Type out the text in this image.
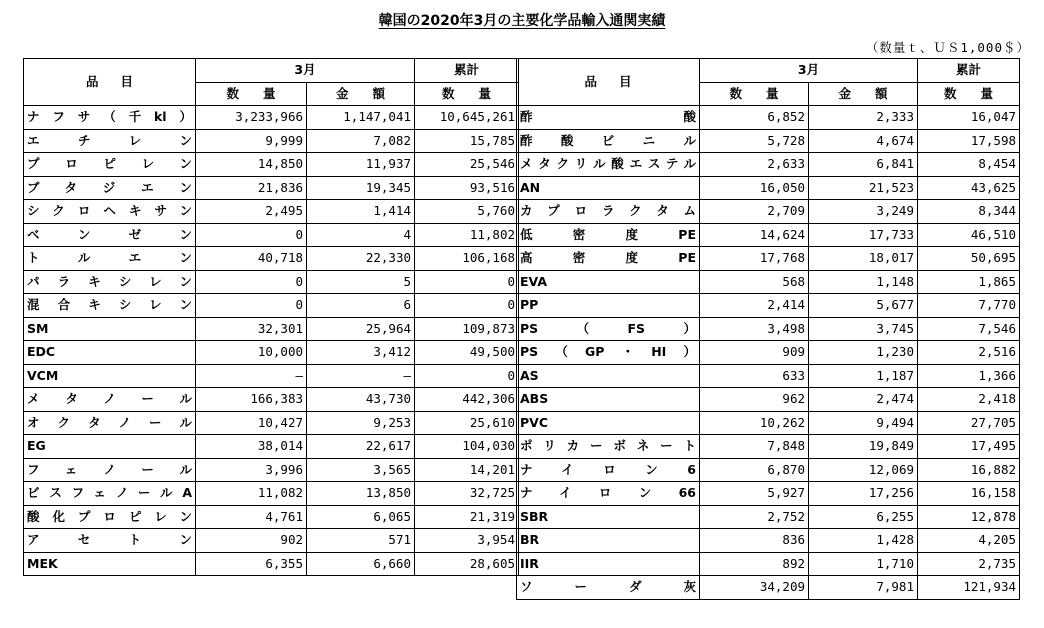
韓国の2020年3月の主要化学品輸入通関実績
（数量ｔ、ＵＳ1,000＄）
品目	3月		累計
	数量	金額	数量
ナフサ（千kl）	3,233,966	1,147,041	10,645,261
エチレン	9,999	7,082	15,785
プロピレン	14,850	11,937	25,546
ブタジエン	21,836	19,345	93,516
シクロヘキサン	2,495	1,414	5,760
ベンゼン	0	4	11,802
トルエン	40,718	22,330	106,168
パラキシレン	0	5	0
混合キシレン	0	6	0
SM	32,301	25,964	109,873
EDC	10,000	3,412	49,500
VCM	—	—	0
メタノール	166,383	43,730	442,306
オクタノール	10,427	9,253	25,610
EG	38,014	22,617	104,030
フェノール	3,996	3,565	14,201
ビスフェノールA	11,082	13,850	32,725
酸化プロピレン	4,761	6,065	21,319
アセトン	902	571	3,954
MEK	6,355	6,660	28,605
品目	3月		累計
	数量	金額	数量
酢酸	6,852	2,333	16,047
酢酸ビニル	5,728	4,674	17,598
メタクリル酸エステル	2,633	6,841	8,454
AN	16,050	21,523	43,625
カプロラクタム	2,709	3,249	8,344
低密度PE	14,624	17,733	46,510
高密度PE	17,768	18,017	50,695
EVA	568	1,148	1,865
PP	2,414	5,677	7,770
PS（FS）	3,498	3,745	7,546
PS（GP・HI）	909	1,230	2,516
AS	633	1,187	1,366
ABS	962	2,474	2,418
PVC	10,262	9,494	27,705
ポリカーボネート	7,848	19,849	17,495
ナイロン6	6,870	12,069	16,882
ナイロン66	5,927	17,256	16,158
SBR	2,752	6,255	12,878
BR	836	1,428	4,205
IIR	892	1,710	2,735
ソーダ灰	34,209	7,981	121,934
